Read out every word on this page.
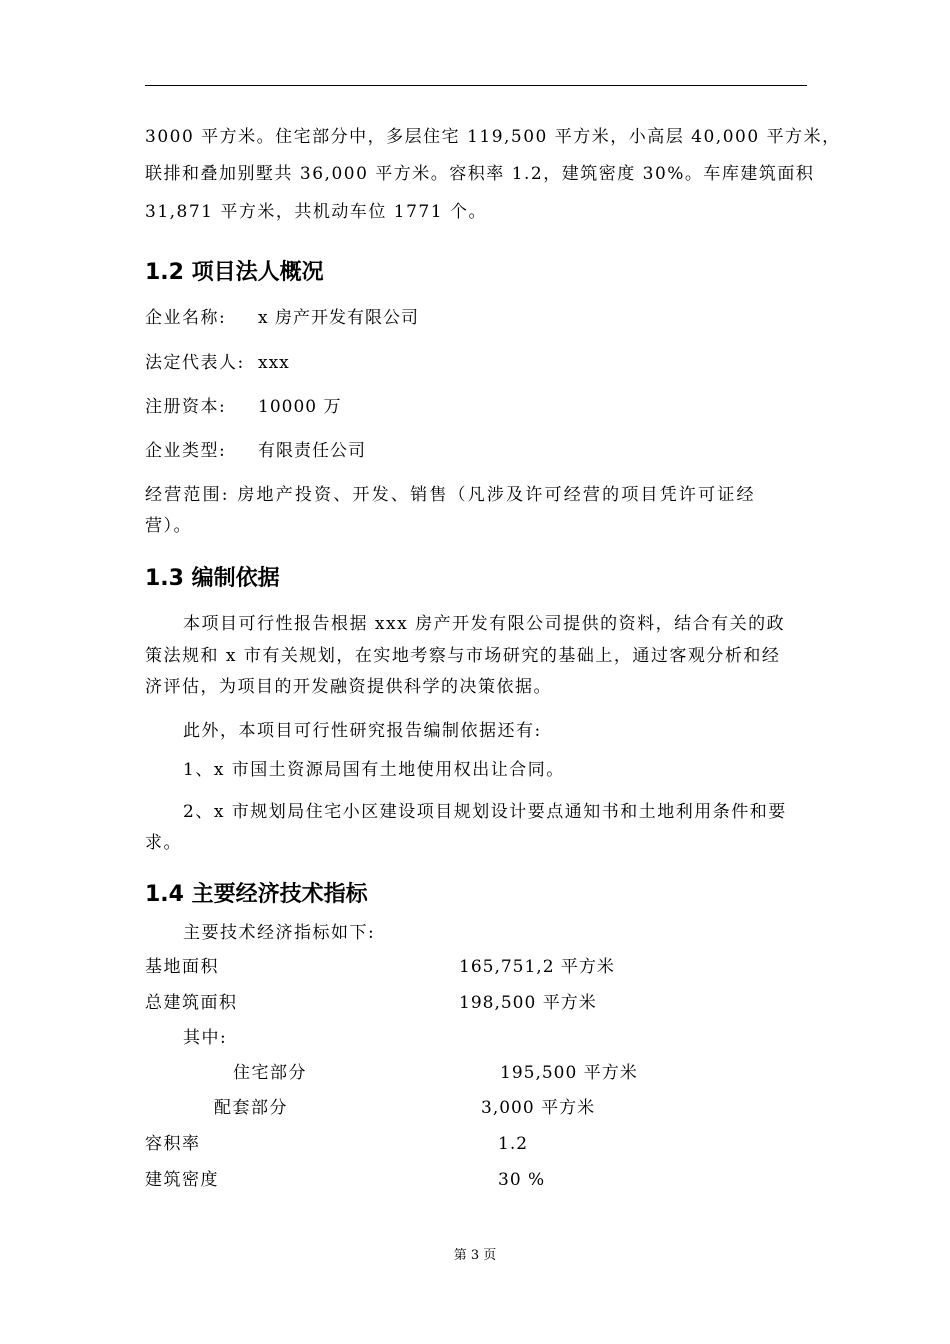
3000 平方米。住宅部分中，多层住宅 119,500 平方米，小高层 40,000 平方米，
联排和叠加别墅共 36,000 平方米。容积率 1.2，建筑密度 30%。车库建筑面积
31,871 平方米，共机动车位 1771 个。
1.2 项目法人概况
企业名称: x 房产开发有限公司
法定代表人: xxx
注册资本: 10000 万
企业类型: 有限责任公司
经营范围: 房地产投资、开发、销售（凡涉及许可经营的项目凭许可证经
营）。
1.3 编制依据
本项目可行性报告根据 xxx 房产开发有限公司提供的资料，结合有关的政
策法规和 x 市有关规划，在实地考察与市场研究的基础上，通过客观分析和经
济评估，为项目的开发融资提供科学的决策依据。
此外，本项目可行性研究报告编制依据还有:
1、x 市国土资源局国有土地使用权出让合同。
2、x 市规划局住宅小区建设项目规划设计要点通知书和土地利用条件和要
求。
1.4 主要经济技术指标
主要技术经济指标如下:
基地面积	165,751,2 平方米
总建筑面积	198,500 平方米
其中:
住宅部分	195,500 平方米
配套部分	3,000 平方米
容积率	1.2
建筑密度	30 %
第 3 页
